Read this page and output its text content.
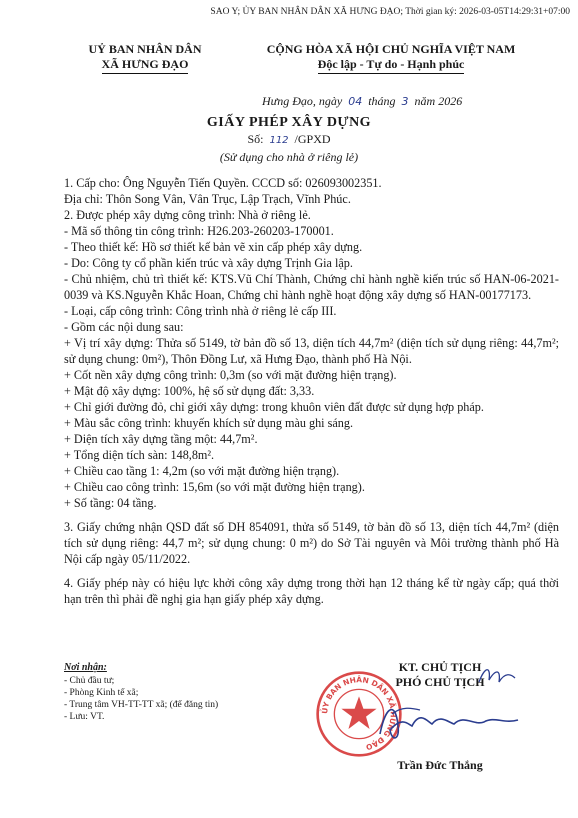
SAO Y; ỦY BAN NHÂN DÂN XÃ HƯNG ĐẠO; Thời gian ký: 2026-03-05T14:29:31+07:00
UỶ BAN NHÂN DÂN
XÃ HƯNG ĐẠO
CỘNG HÒA XÃ HỘI CHỦ NGHĨA VIỆT NAM
Độc lập - Tự do - Hạnh phúc
Hưng Đạo, ngày 04 tháng 3 năm 2026
GIẤY PHÉP XÂY DỰNG
Số: 112 /GPXD
(Sử dụng cho nhà ở riêng lẻ)

1. Cấp cho: Ông Nguyễn Tiến Quyền. CCCD số: 026093002351.

Địa chỉ: Thôn Song Vân, Vân Trục, Lập Trạch, Vĩnh Phúc.

2. Được phép xây dựng công trình: Nhà ở riêng lẻ.

- Mã số thông tin công trình: H26.203-260203-170001.

- Theo thiết kế: Hồ sơ thiết kế bản vẽ xin cấp phép xây dựng.

- Do: Công ty cổ phần kiến trúc và xây dựng Trịnh Gia lập.

- Chủ nhiệm, chủ trì thiết kế: KTS.Vũ Chí Thành, Chứng chỉ hành nghề kiến trúc số HAN-06-2021-0039 và KS.Nguyễn Khắc Hoan, Chứng chỉ hành nghề hoạt động xây dựng số HAN-00177173.

- Loại, cấp công trình: Công trình nhà ở riêng lẻ cấp III.

- Gồm các nội dung sau:

+ Vị trí xây dựng: Thửa số 5149, tờ bản đồ số 13, diện tích 44,7m² (diện tích sử dụng riêng: 44,7m²; sử dụng chung: 0m²), Thôn Đồng Lư, xã Hưng Đạo, thành phố Hà Nội.

+ Cốt nền xây dựng công trình: 0,3m (so với mặt đường hiện trạng).

+ Mật độ xây dựng: 100%, hệ số sử dụng đất: 3,33.

+ Chỉ giới đường đỏ, chỉ giới xây dựng: trong khuôn viên đất được sử dụng hợp pháp.

+ Màu sắc công trình: khuyến khích sử dụng màu ghi sáng.

+ Diện tích xây dựng tầng một: 44,7m².

+ Tổng diện tích sàn: 148,8m².

+ Chiều cao tầng 1: 4,2m (so với mặt đường hiện trạng).

+ Chiều cao công trình: 15,6m (so với mặt đường hiện trạng).

+ Số tầng: 04 tầng.

3. Giấy chứng nhận QSD đất số DH 854091, thửa số 5149, tờ bản đồ số 13, diện tích 44,7m² (diện tích sử dụng riêng: 44,7 m²; sử dụng chung: 0 m²) do Sở Tài nguyên và Môi trường thành phố Hà Nội cấp ngày 05/11/2022.

4. Giấy phép này có hiệu lực khởi công xây dựng trong thời hạn 12 tháng kể từ ngày cấp; quá thời hạn trên thì phải đề nghị gia hạn giấy phép xây dựng.

Nơi nhận:
- Chủ đầu tư;
- Phòng Kinh tế xã;
- Trung tâm VH-TT-TT xã; (để đăng tin)
- Lưu: VT.
ỦY BAN NHÂN DÂN XÃ HƯNG ĐẠO
KT. CHỦ TỊCH
PHÓ CHỦ TỊCH
Trần Đức Thắng
